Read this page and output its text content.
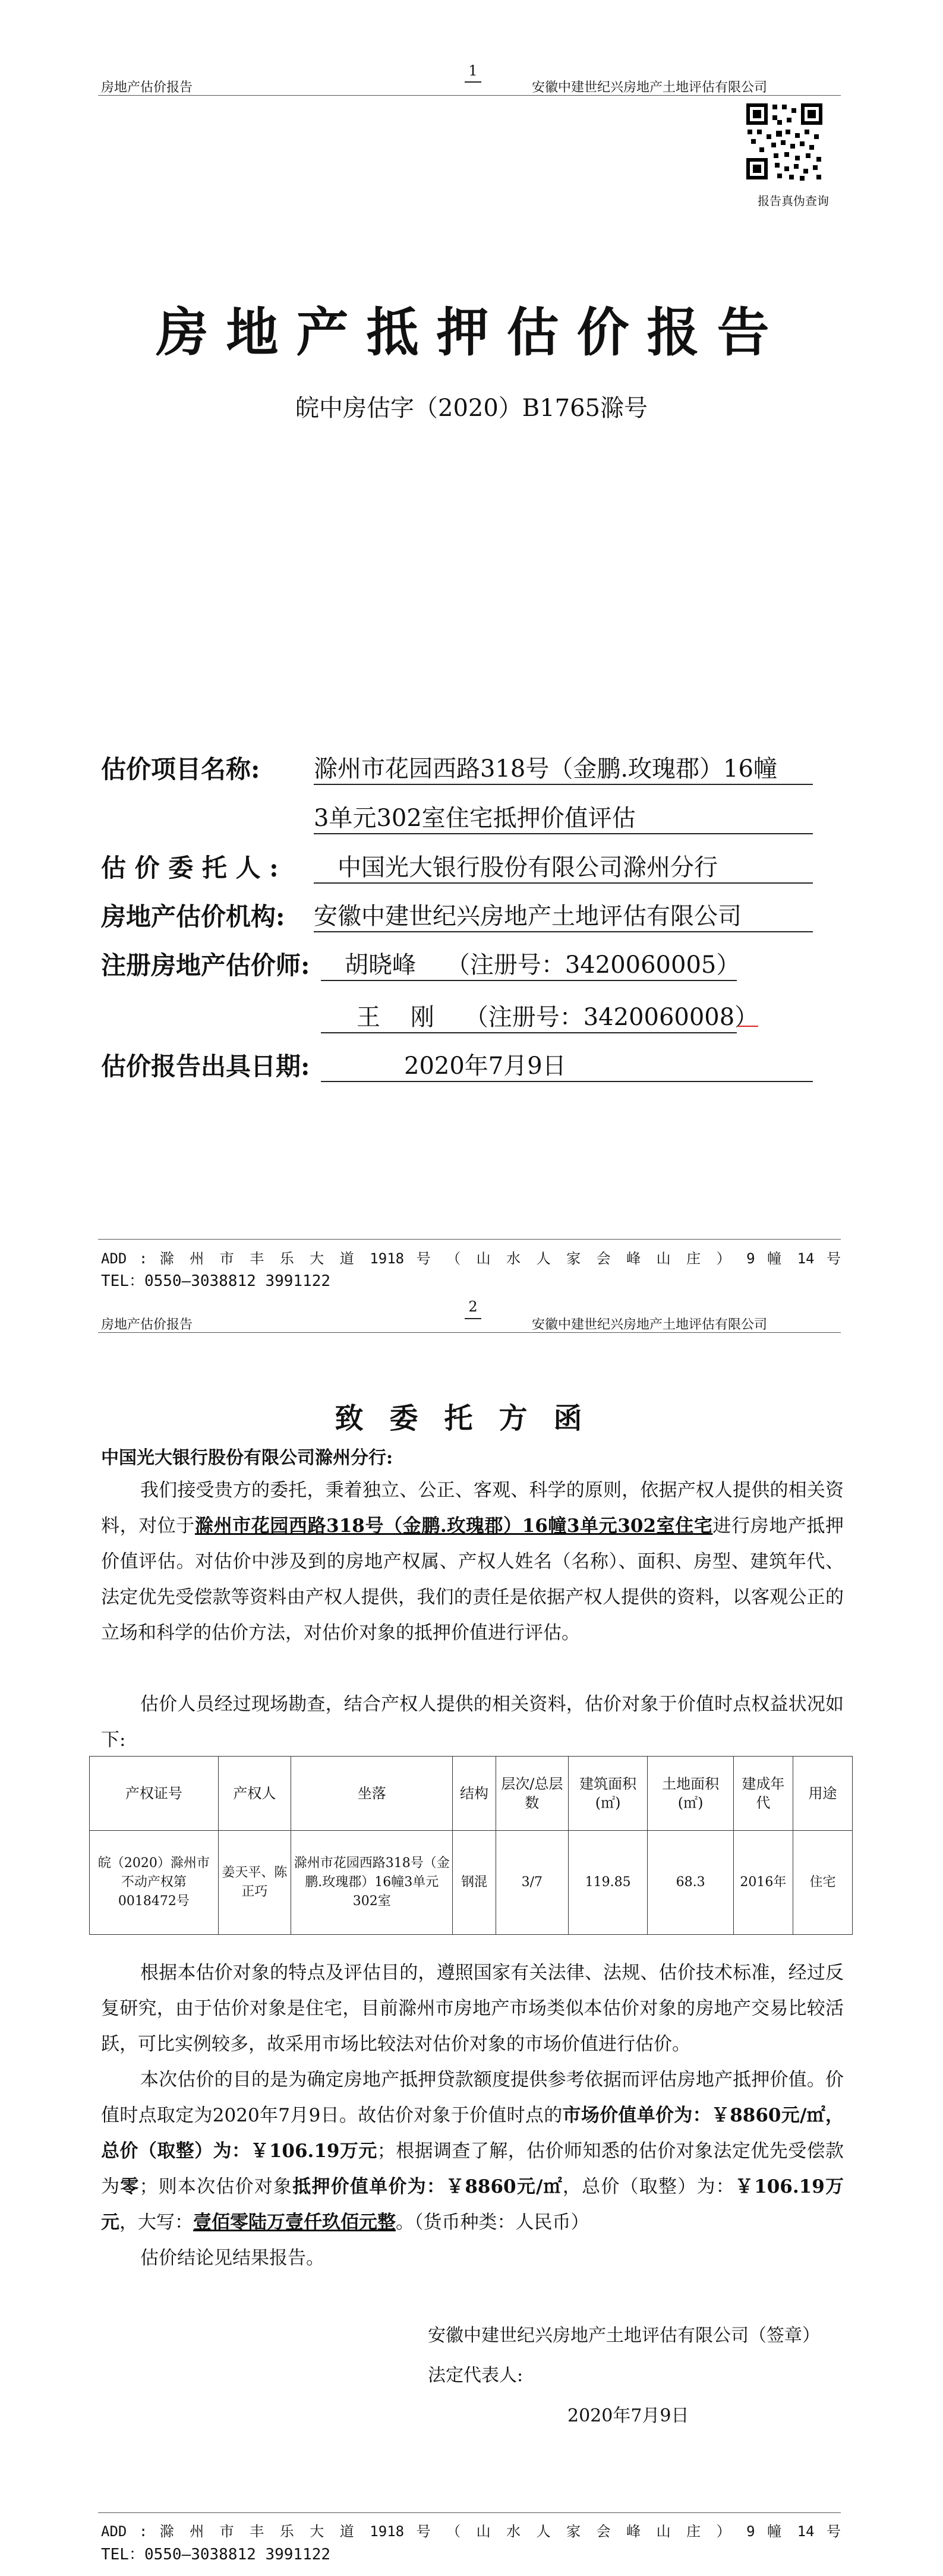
房地产估价报告
1
安徽中建世纪兴房地产土地评估有限公司
报告真伪查询
房地产抵押估价报告
皖中房估字（2020）B1765滁号
估价项目名称: 滁州市花园西路318号（金鹏.玫瑰郡）16幢
3单元302室住宅抵押价值评估
估 价 委 托 人 :	中国光大银行股份有限公司滁州分行
房地产估价机构: 安徽中建世纪兴房地产土地评估有限公司
注册房地产估价师:	胡晓峰    （注册号：3420060005）
王    刚    （注册号：3420060008）
估价报告出具日期:	2020年7月9日
ADD : 滁 州 市 丰 乐 大 道 1918 号 （ 山 水 人 家 会 峰 山 庄 ） 9 幢 14 号
TEL：0550—3038812 3991122
房地产估价报告
2
安徽中建世纪兴房地产土地评估有限公司
致委托方函
中国光大银行股份有限公司滁州分行:
我们接受贵方的委托，秉着独立、公正、客观、科学的原则，依据产权人提供的相关资料，对位于滁州市花园西路318号（金鹏.玫瑰郡）16幢3单元302室住宅进行房地产抵押价值评估。对估价中涉及到的房地产权属、产权人姓名（名称）、面积、房型、建筑年代、法定优先受偿款等资料由产权人提供，我们的责任是依据产权人提供的资料，以客观公正的立场和科学的估价方法，对估价对象的抵押价值进行评估。
估价人员经过现场勘查，结合产权人提供的相关资料，估价对象于价值时点权益状况如下:
产权证号	产权人	坐落	结构	层次/总层数	建筑面积(㎡)	土地面积(㎡)	建成年代	用途
皖（2020）滁州市不动产权第0018472号	姜天平、陈正巧	滁州市花园西路318号（金鹏.玫瑰郡）16幢3单元302室	钢混	3/7	119.85	68.3	2016年	住宅
根据本估价对象的特点及评估目的，遵照国家有关法律、法规、估价技术标准，经过反复研究，由于估价对象是住宅，目前滁州市房地产市场类似本估价对象的房地产交易比较活跃，可比实例较多，故采用市场比较法对估价对象的市场价值进行估价。
本次估价的目的是为确定房地产抵押贷款额度提供参考依据而评估房地产抵押价值。价值时点取定为2020年7月9日。故估价对象于价值时点的市场价值单价为：￥8860元/㎡，总价（取整）为：￥106.19万元；根据调查了解，估价师知悉的估价对象法定优先受偿款为零；则本次估价对象抵押价值单价为：￥8860元/㎡，总价（取整）为：￥106.19万元，大写：壹佰零陆万壹仟玖佰元整。（货币种类：人民币）
估价结论见结果报告。
安徽中建世纪兴房地产土地评估有限公司（签章）
法定代表人:
2020年7月9日
ADD : 滁 州 市 丰 乐 大 道 1918 号 （ 山 水 人 家 会 峰 山 庄 ） 9 幢 14 号
TEL：0550—3038812 3991122
